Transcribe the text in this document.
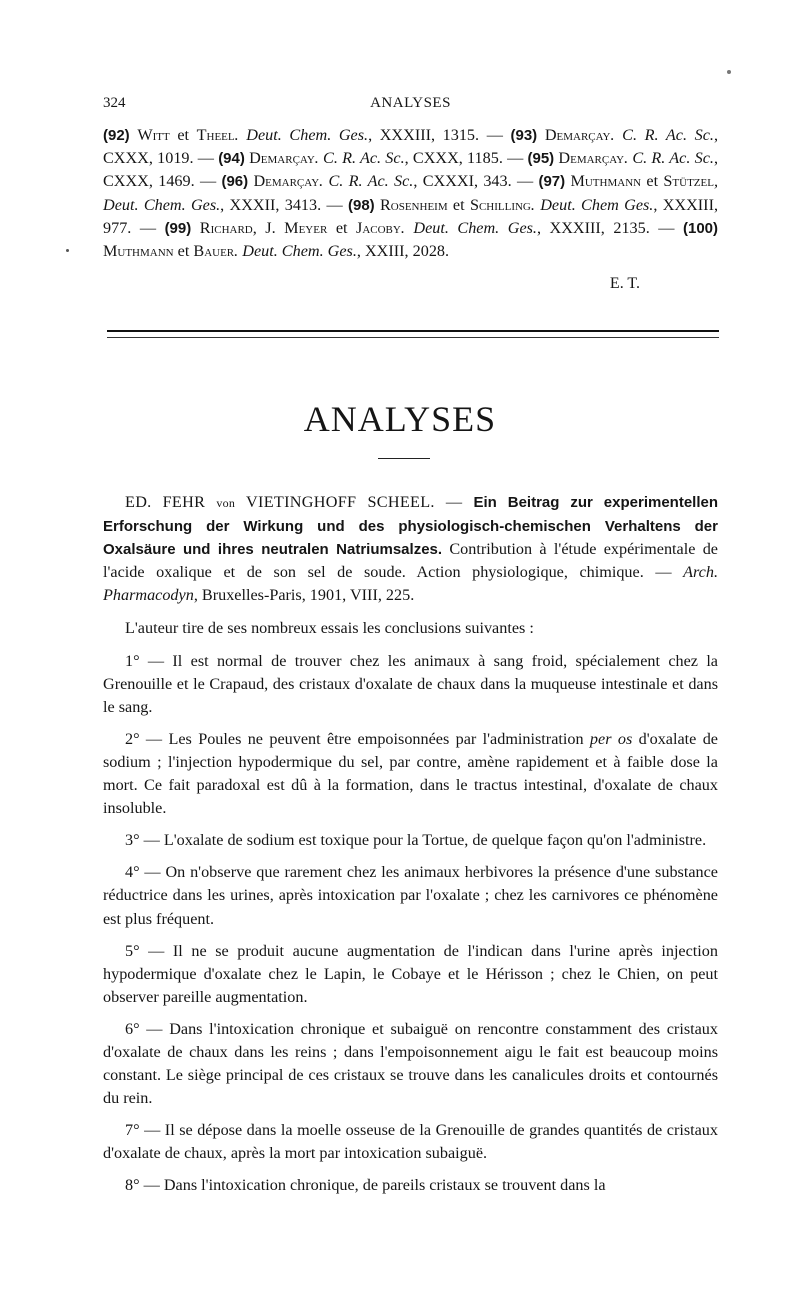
324	ANALYSES
(92) Witt et Theel. Deut. Chem. Ges., XXXIII, 1315. — (93) Demarçay. C. R. Ac. Sc., CXXX, 1019. — (94) Demarçay. C. R. Ac. Sc., CXXX, 1185. — (95) Demarçay. C. R. Ac. Sc., CXXX, 1469. — (96) Demarçay. C. R. Ac. Sc., CXXXI, 343. — (97) Muthmann et Stützel, Deut. Chem. Ges., XXXII, 3413. — (98) Rosenheim et Schilling. Deut. Chem Ges., XXXIII, 977. — (99) Richard, J. Meyer et Jacoby. Deut. Chem. Ges., XXXIII, 2135. — (100) Muthmann et Bauer. Deut. Chem. Ges., XXIII, 2028.
E. T.
ANALYSES

ED. FEHR von VIETINGHOFF SCHEEL. — Ein Beitrag zur experimentellen Erforschung der Wirkung und des physiologisch-chemischen Verhaltens der Oxalsäure und ihres neutralen Natriumsalzes. Contribution à l'étude expérimentale de l'acide oxalique et de son sel de soude. Action physiologique, chimique. — Arch. Pharmacodyn, Bruxelles-Paris, 1901, VIII, 225.

L'auteur tire de ses nombreux essais les conclusions suivantes :

1° — Il est normal de trouver chez les animaux à sang froid, spécialement chez la Grenouille et le Crapaud, des cristaux d'oxalate de chaux dans la muqueuse intestinale et dans le sang.

2° — Les Poules ne peuvent être empoisonnées par l'administration per os d'oxalate de sodium ; l'injection hypodermique du sel, par contre, amène rapidement et à faible dose la mort. Ce fait paradoxal est dû à la formation, dans le tractus intestinal, d'oxalate de chaux insoluble.

3° — L'oxalate de sodium est toxique pour la Tortue, de quelque façon qu'on l'administre.

4° — On n'observe que rarement chez les animaux herbivores la présence d'une substance réductrice dans les urines, après intoxication par l'oxalate ; chez les carnivores ce phénomène est plus fréquent.

5° — Il ne se produit aucune augmentation de l'indican dans l'urine après injection hypodermique d'oxalate chez le Lapin, le Cobaye et le Hérisson ; chez le Chien, on peut observer pareille augmentation.

6° — Dans l'intoxication chronique et subaiguë on rencontre constamment des cristaux d'oxalate de chaux dans les reins ; dans l'empoisonnement aigu le fait est beaucoup moins constant. Le siège principal de ces cristaux se trouve dans les canalicules droits et contournés du rein.

7° — Il se dépose dans la moelle osseuse de la Grenouille de grandes quantités de cristaux d'oxalate de chaux, après la mort par intoxication subaiguë.

8° — Dans l'intoxication chronique, de pareils cristaux se trouvent dans la
